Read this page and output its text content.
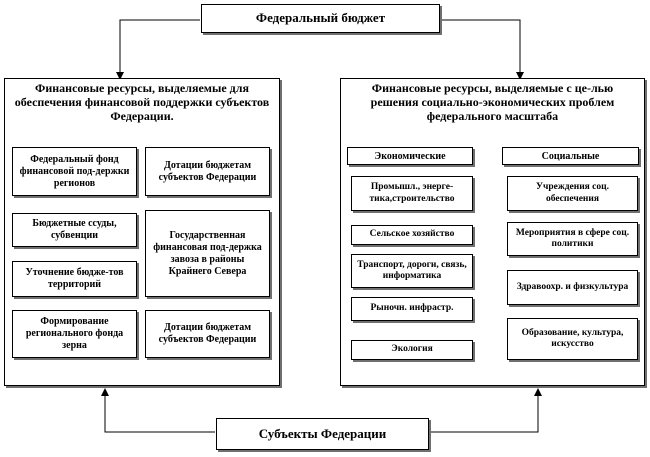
Федеральный бюджет
Субъекты Федерации
Финансовые ресурсы, выделяемые для обеспечения финансовой поддержки субъектов Федерации.
Федеральный фонд финансовой под-держки регионов
Бюджетные ссуды, субвенции
Уточнение бюдже-тов территорий
Формирование регионального фонда зерна
Дотации бюджетам субъектов Федерации
Государственная финансовая под-держка завоза в районы Крайнего Севера
Дотации бюджетам субъектов Федерации
Финансовые ресурсы, выделяемые с це-лью решения социально-экономических проблем федерального масштаба
Экономические	Социальные
Промышл., энерге-тика,строительство
Сельское хозяйство
Транспорт, дороги, связь, информатика
Рыночн. инфрастр.
Экология
Учреждения соц. обеспечения
Мероприятия в сфере соц. политики
Здравоохр. и физкультура
Образование, культура, искусство
